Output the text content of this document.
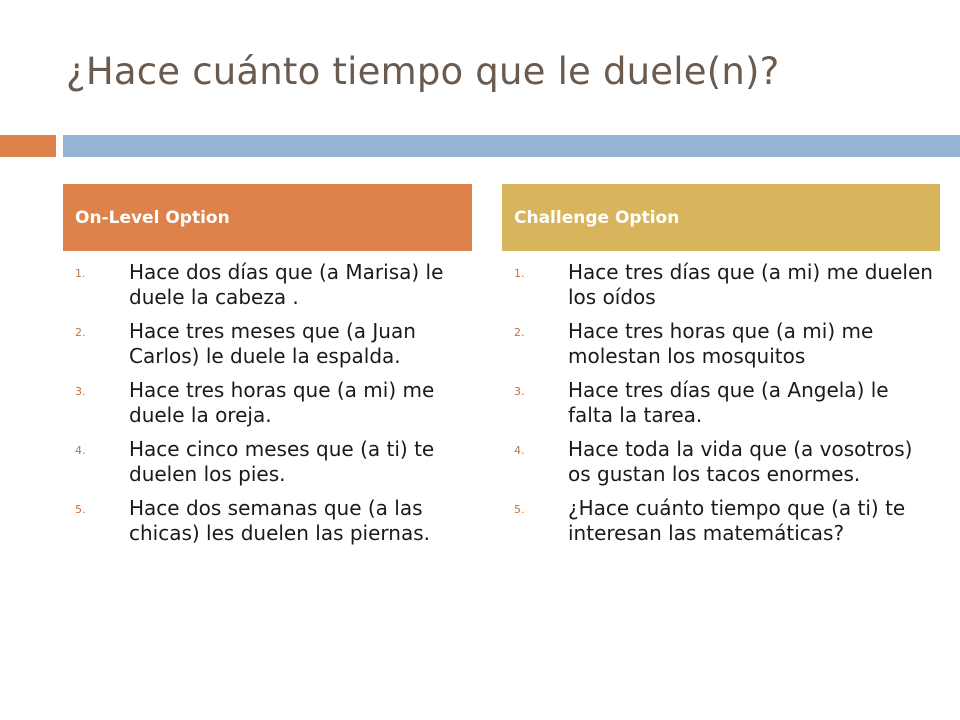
¿Hace cuánto tiempo que le duele(n)?
On-Level Option	Challenge Option
1. Hace dos días que (a Marisa) le duele la cabeza .
2. Hace tres meses que (a Juan Carlos) le duele la espalda.
3. Hace tres horas que (a mi) me duele la oreja.
4. Hace cinco meses que (a ti) te duelen los pies.
5. Hace dos semanas que (a las chicas) les duelen las piernas.
1. Hace tres días que (a mi) me duelen los oídos
2. Hace tres horas que (a mi) me molestan los mosquitos
3. Hace tres días que (a Angela) le falta la tarea.
4. Hace toda la vida que (a vosotros) os gustan los tacos enormes.
5. ¿Hace cuánto tiempo que (a ti) te interesan las matemáticas?
